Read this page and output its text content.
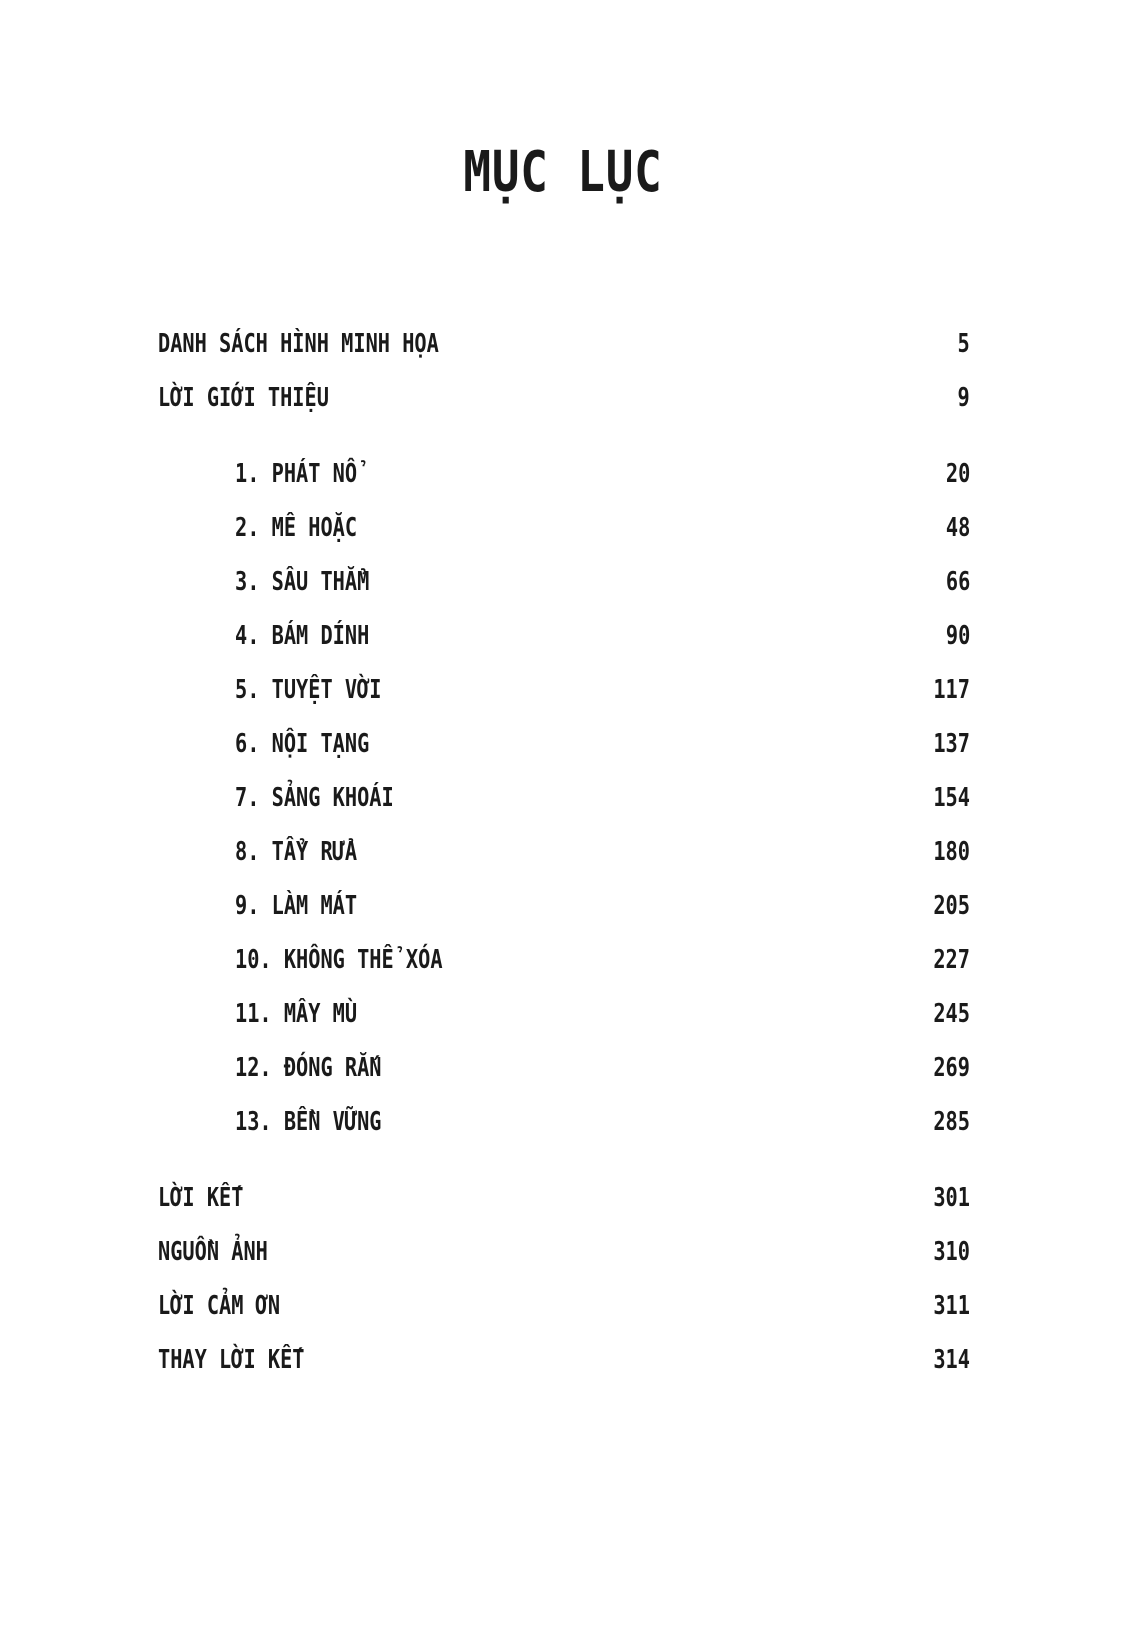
MỤC LỤC
DANH SÁCH HÌNH MINH HỌA	5
LỜI GIỚI THIỆU	9
1. PHÁT NỔ	20
2. MÊ HOẶC	48
3. SÂU THẲM	66
4. BÁM DÍNH	90
5. TUYỆT VỜI	117
6. NỘI TẠNG	137
7. SẢNG KHOÁI	154
8. TẨY RỬA	180
9. LÀM MÁT	205
10. KHÔNG THỂ XÓA	227
11. MÂY MÙ	245
12. ĐÓNG RẮN	269
13. BỀN VỮNG	285
LỜI KẾT	301
NGUỒN ẢNH	310
LỜI CẢM ƠN	311
THAY LỜI KẾT	314
